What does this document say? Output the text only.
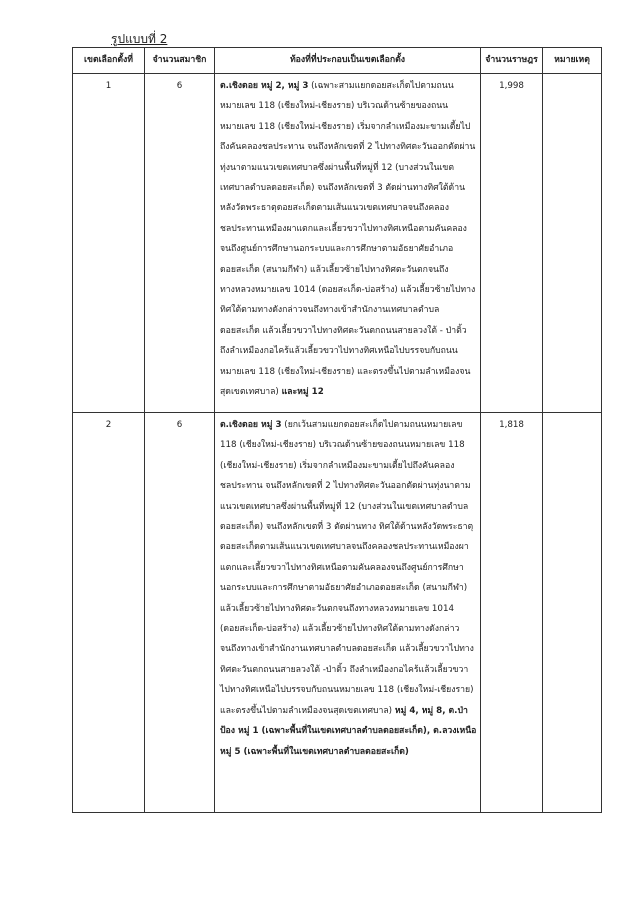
รูปแบบที่ 2

เขตเลือกตั้งที่	จำนวนสมาชิก	ท้องที่ที่ประกอบเป็นเขตเลือกตั้ง	จำนวนราษฎร	หมายเหตุ
1	6	ต.เชิงดอย หมู่ 2, หมู่ 3 (เฉพาะสามแยกดอยสะเก็ดไปตามถนนหมายเลข 118 (เชียงใหม่-เชียงราย) บริเวณด้านซ้ายของถนนหมายเลข 118 (เชียงใหม่-เชียงราย) เริ่มจากลำเหมืองมะขามเตี้ยไปถึงคันคลองชลประทาน จนถึงหลักเขตที่ 2 ไปทางทิศตะวันออกตัดผ่านทุ่งนาตามแนวเขตเทศบาลซึ่งผ่านพื้นที่หมู่ที่ 12 (บางส่วนในเขตเทศบาลตำบลดอยสะเก็ด) จนถึงหลักเขตที่ 3 ตัดผ่านทางทิศใต้ด้านหลังวัดพระธาตุดอยสะเก็ดตามเส้นแนวเขตเทศบาลจนถึงคลองชลประทานเหมืองผาแตกและเลี้ยวขวาไปทางทิศเหนือตามคันคลองจนถึงศูนย์การศึกษานอกระบบและการศึกษาตามอัธยาศัยอำเภอดอยสะเก็ด (สนามกีฬา) แล้วเลี้ยวซ้ายไปทางทิศตะวันตกจนถึงทางหลวงหมายเลข 1014 (ดอยสะเก็ด-บ่อสร้าง) แล้วเลี้ยวซ้ายไปทางทิศใต้ตามทางดังกล่าวจนถึงทางเข้าสำนักงานเทศบาลตำบลดอยสะเก็ด แล้วเลี้ยวขวาไปทางทิศตะวันตกถนนสายลวงใต้ - ป่าติ้ว ถึงลำเหมืองกอไคร้แล้วเลี้ยวขวาไปทางทิศเหนือไปบรรจบกับถนนหมายเลข 118 (เชียงใหม่-เชียงราย) และตรงขึ้นไปตามลำเหมืองจนสุดเขตเทศบาล) และหมู่ 12	1,998	
2	6	ต.เชิงดอย หมู่ 3 (ยกเว้นสามแยกดอยสะเก็ดไปตามถนนหมายเลข 118 (เชียงใหม่-เชียงราย) บริเวณด้านซ้ายของถนนหมายเลข 118 (เชียงใหม่-เชียงราย) เริ่มจากลำเหมืองมะขามเตี้ยไปถึงคันคลองชลประทาน จนถึงหลักเขตที่ 2 ไปทางทิศตะวันออกตัดผ่านทุ่งนาตามแนวเขตเทศบาลซึ่งผ่านพื้นที่หมู่ที่ 12 (บางส่วนในเขตเทศบาลตำบลดอยสะเก็ด) จนถึงหลักเขตที่ 3 ตัดผ่านทาง ทิศใต้ด้านหลังวัดพระธาตุดอยสะเก็ดตามเส้นแนวเขตเทศบาลจนถึงคลองชลประทานเหมืองผาแตกและเลี้ยวขวาไปทางทิศเหนือตามคันคลองจนถึงศูนย์การศึกษานอกระบบและการศึกษาตามอัธยาศัยอำเภอดอยสะเก็ด (สนามกีฬา) แล้วเลี้ยวซ้ายไปทางทิศตะวันตกจนถึงทางหลวงหมายเลข 1014 (ดอยสะเก็ด-บ่อสร้าง) แล้วเลี้ยวซ้ายไปทางทิศใต้ตามทางดังกล่าวจนถึงทางเข้าสำนักงานเทศบาลตำบลดอยสะเก็ด แล้วเลี้ยวขวาไปทางทิศตะวันตกถนนสายลวงใต้ -ป่าติ้ว ถึงลำเหมืองกอไคร้แล้วเลี้ยวขวาไปทางทิศเหนือไปบรรจบกับถนนหมายเลข 118 (เชียงใหม่-เชียงราย) และตรงขึ้นไปตามลำเหมืองจนสุดเขตเทศบาล) หมู่ 4, หมู่ 8, ต.ป่าป้อง หมู่ 1 (เฉพาะพื้นที่ในเขตเทศบาลตำบลดอยสะเก็ด), ต.ลวงเหนือ หมู่ 5 (เฉพาะพื้นที่ในเขตเทศบาลตำบลดอยสะเก็ด)	1,818	
